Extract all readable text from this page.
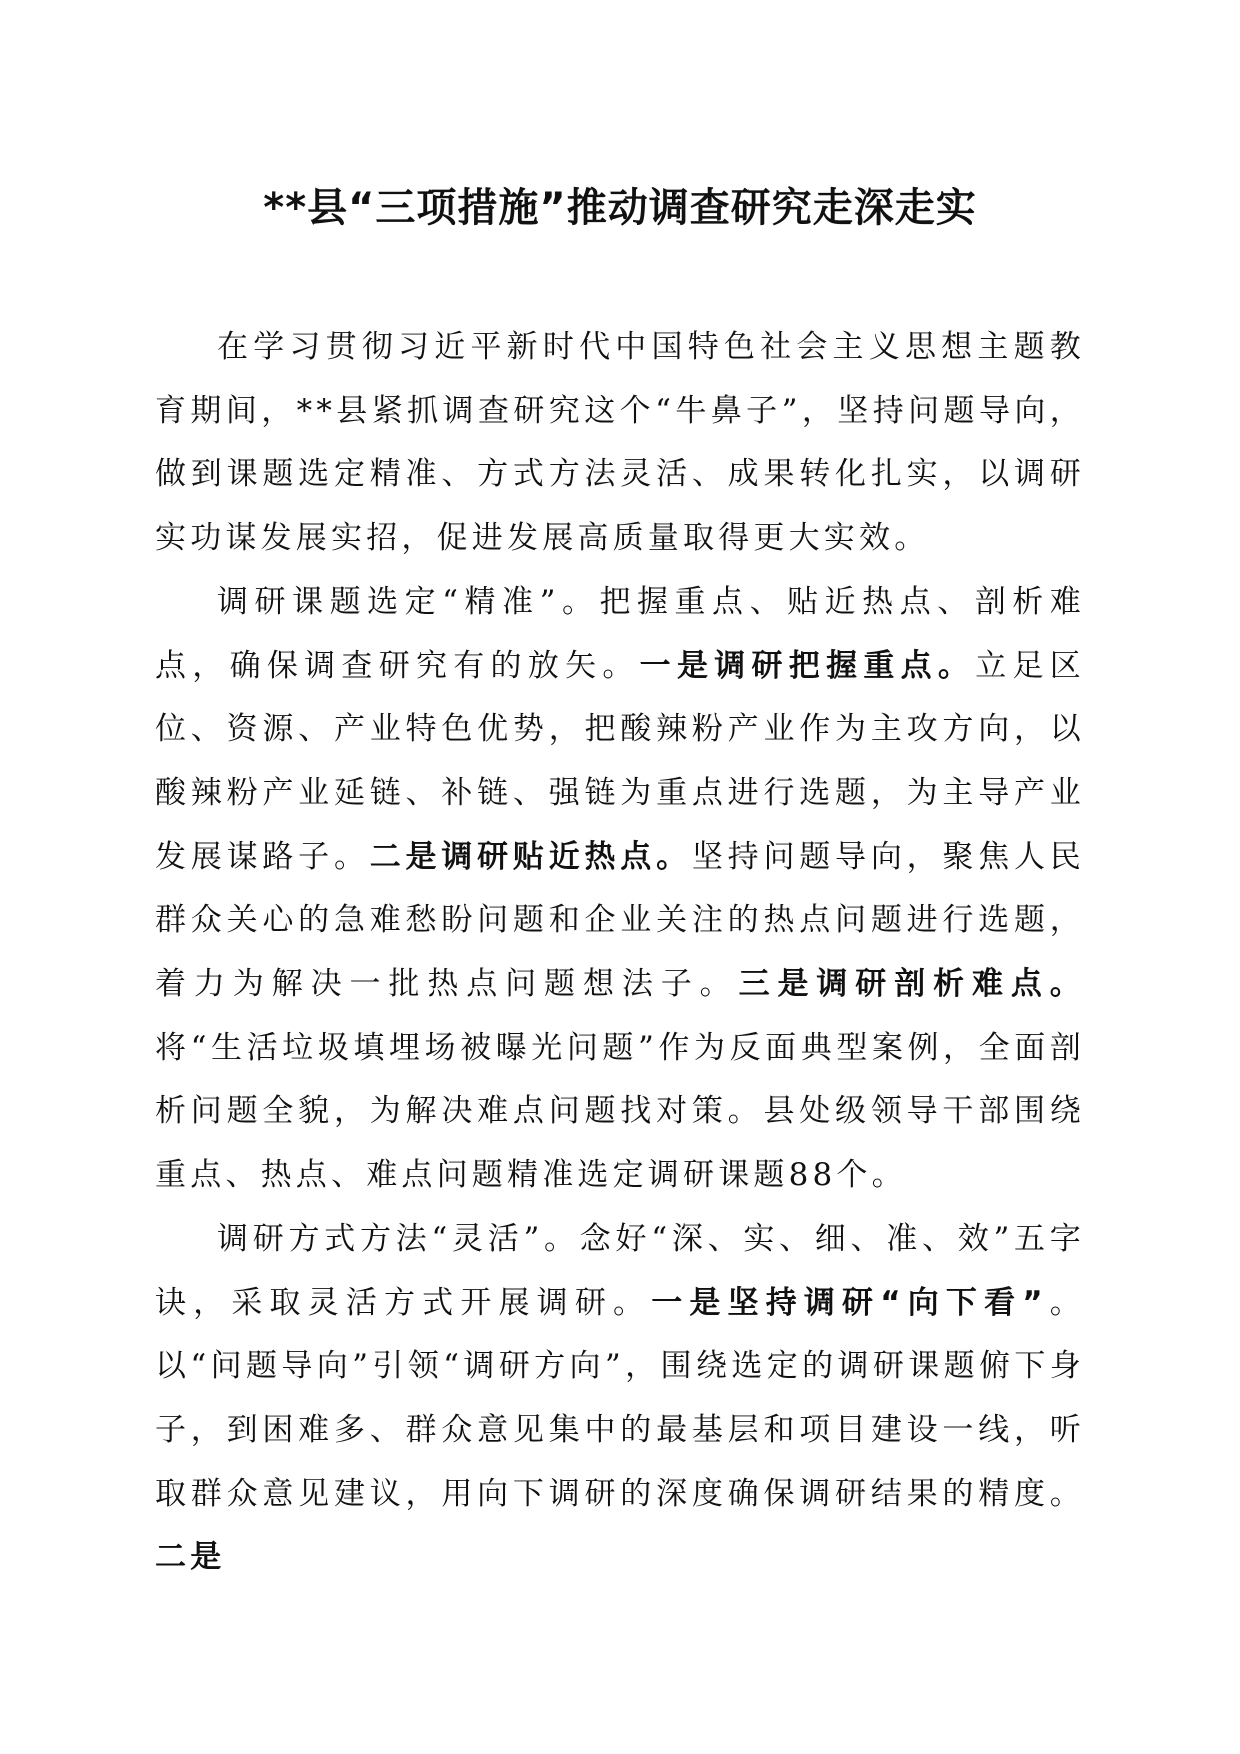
**县“三项措施”推动调查研究走深走实

在学习贯彻习近平新时代中国特色社会主义思想主题教育期间，**县紧抓调查研究这个“牛鼻子”，坚持问题导向，做到课题选定精准、方式方法灵活、成果转化扎实，以调研实功谋发展实招，促进发展高质量取得更大实效。

调研课题选定“精准”。把握重点、贴近热点、剖析难点，确保调查研究有的放矢。一是调研把握重点。立足区位、资源、产业特色优势，把酸辣粉产业作为主攻方向，以酸辣粉产业延链、补链、强链为重点进行选题，为主导产业发展谋路子。二是调研贴近热点。坚持问题导向，聚焦人民群众关心的急难愁盼问题和企业关注的热点问题进行选题，着力为解决一批热点问题想法子。三是调研剖析难点。将“生活垃圾填埋场被曝光问题”作为反面典型案例，全面剖析问题全貌，为解决难点问题找对策。县处级领导干部围绕重点、热点、难点问题精准选定调研课题88个。

调研方式方法“灵活”。念好“深、实、细、准、效”五字诀，采取灵活方式开展调研。一是坚持调研“向下看”。以“问题导向”引领“调研方向”，围绕选定的调研课题俯下身子，到困难多、群众意见集中的最基层和项目建设一线，听取群众意见建议，用向下调研的深度确保调研结果的精度。二是
